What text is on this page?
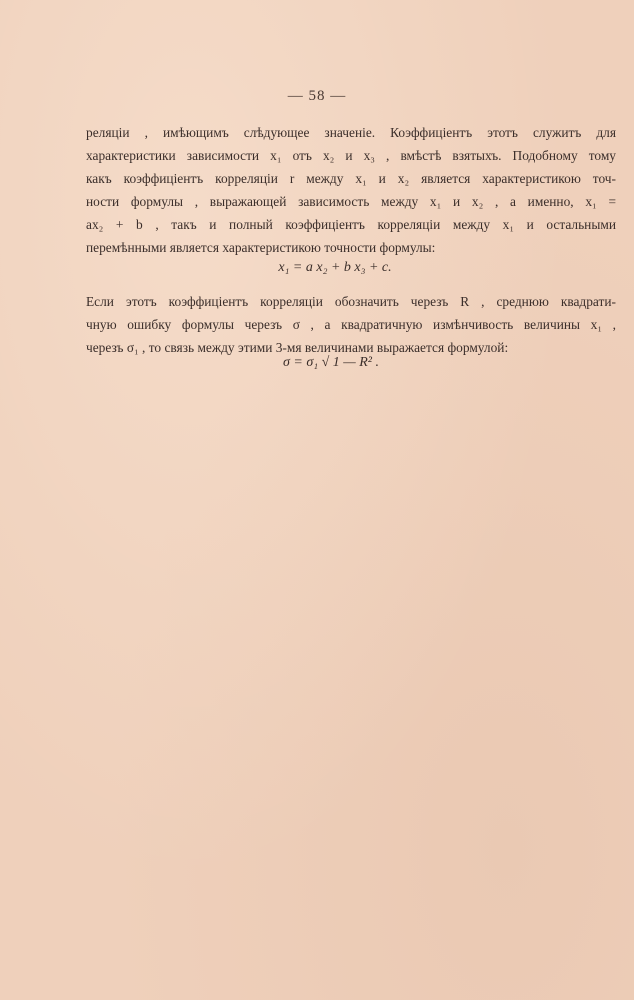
— 58 —
реляціи , имѣющимъ слѣдующее значеніе. Коэффиціентъ этотъ служитъ для
характеристики зависимости x₁ отъ x₂ и x₃ , вмѣстѣ взятыхъ. Подобному тому
какъ коэффиціентъ корреляціи r между x₁ и x₂ является характеристикою точ-
ности формулы , выражающей зависимость между x₁ и x₂ , а именно, x₁ =
ax₂ + b , такъ и полный коэффиціентъ корреляціи между x₁ и остальными
перемѣнными является характеристикою точности формулы:
x₁ = a x₂ + b x₃ + c.
Если этотъ коэффиціентъ корреляціи обозначить черезъ R , среднюю квадрати-
чную ошибку формулы черезъ σ , а квадратичную измѣнчивость величины x₁ ,
черезъ σ₁ , то связь между этими 3-мя величинами выражается формулой:
σ = σ₁ √ 1 — R² .
